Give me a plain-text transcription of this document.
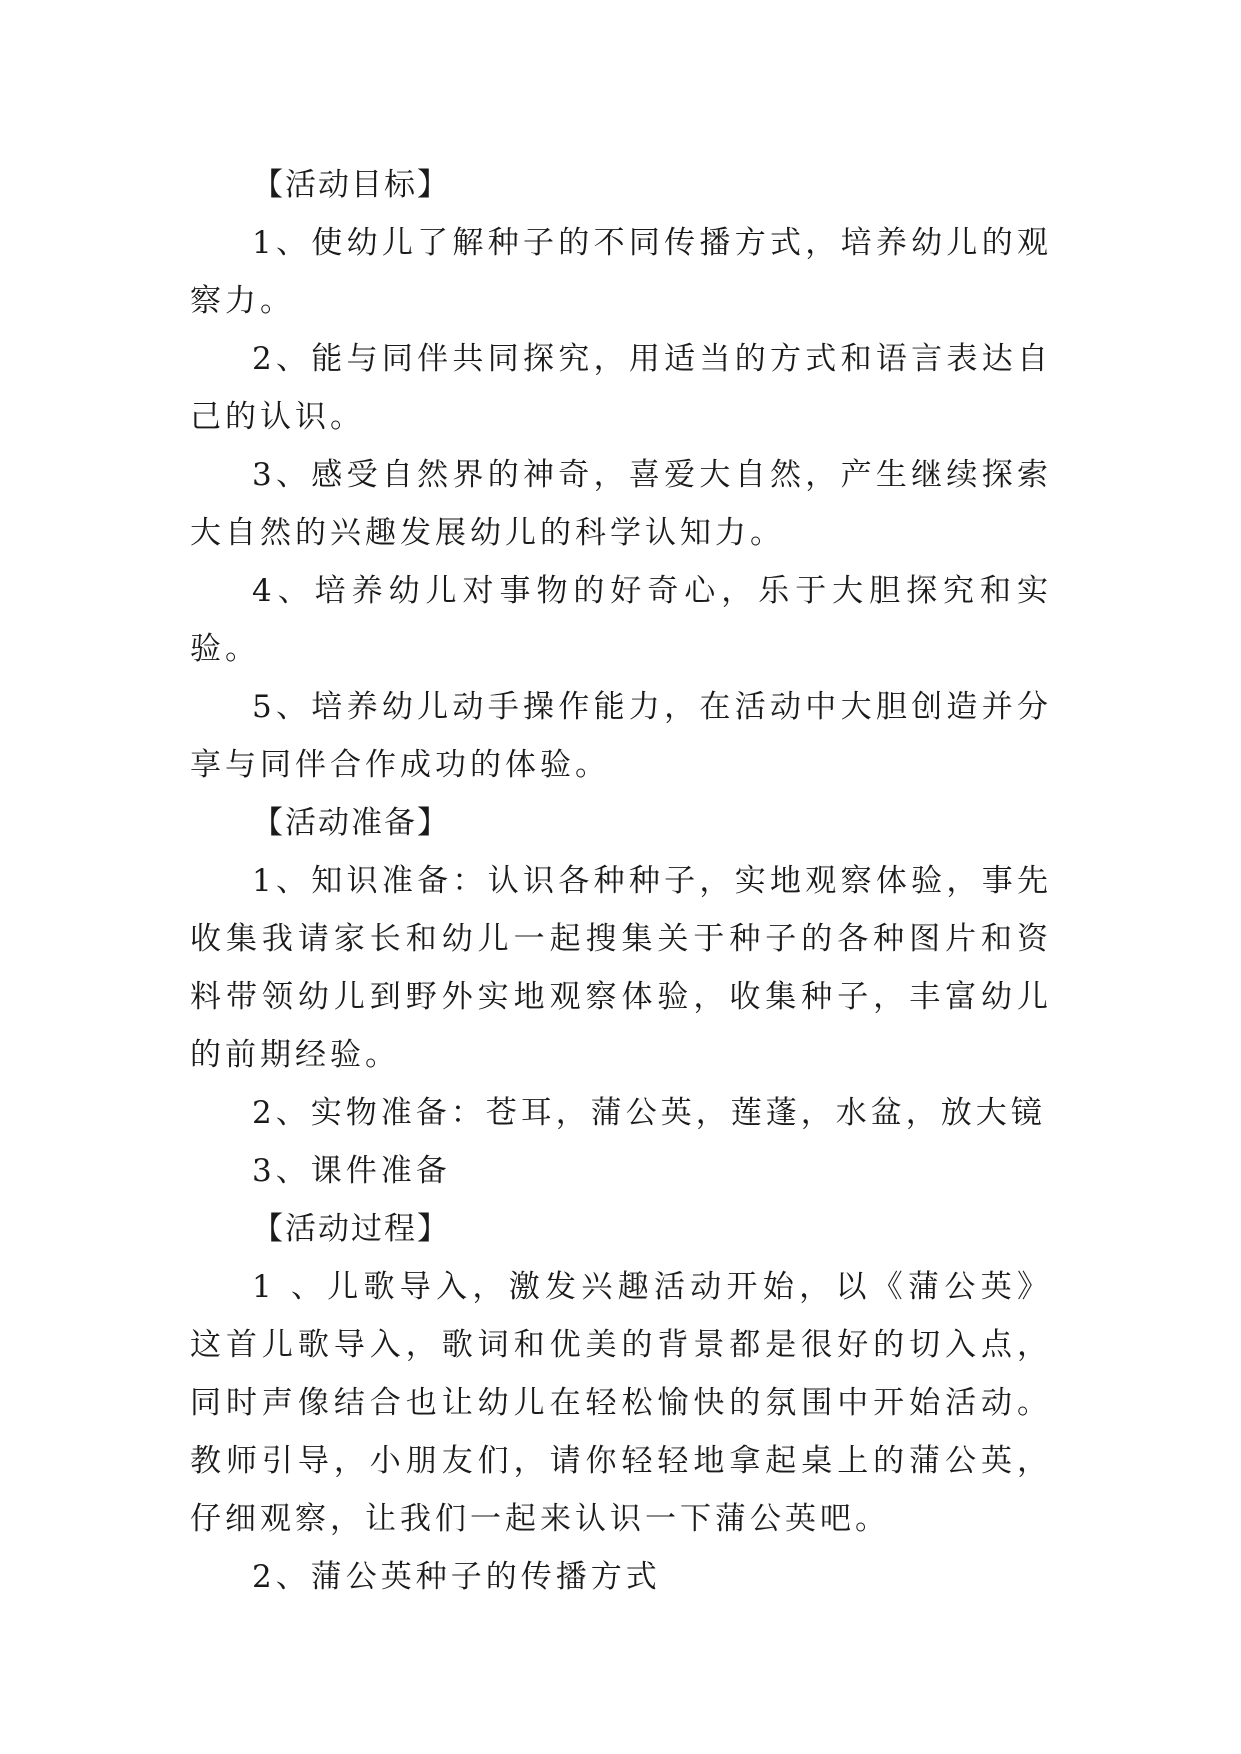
【活动目标】

1、使幼儿了解种子的不同传播方式，培养幼儿的观察力。

2、能与同伴共同探究，用适当的方式和语言表达自己的认识。

3、感受自然界的神奇，喜爱大自然，产生继续探索大自然的兴趣发展幼儿的科学认知力。

4、培养幼儿对事物的好奇心，乐于大胆探究和实验。

5、培养幼儿动手操作能力，在活动中大胆创造并分享与同伴合作成功的体验。

【活动准备】

1、知识准备：认识各种种子，实地观察体验，事先收集我请家长和幼儿一起搜集关于种子的各种图片和资料带领幼儿到野外实地观察体验，收集种子，丰富幼儿的前期经验。

2、实物准备：苍耳，蒲公英，莲蓬，水盆，放大镜

3、课件准备

【活动过程】

1 、儿歌导入，激发兴趣活动开始，以《蒲公英》这首儿歌导入，歌词和优美的背景都是很好的切入点，同时声像结合也让幼儿在轻松愉快的氛围中开始活动。教师引导，小朋友们，请你轻轻地拿起桌上的蒲公英，仔细观察，让我们一起来认识一下蒲公英吧。

2、蒲公英种子的传播方式
